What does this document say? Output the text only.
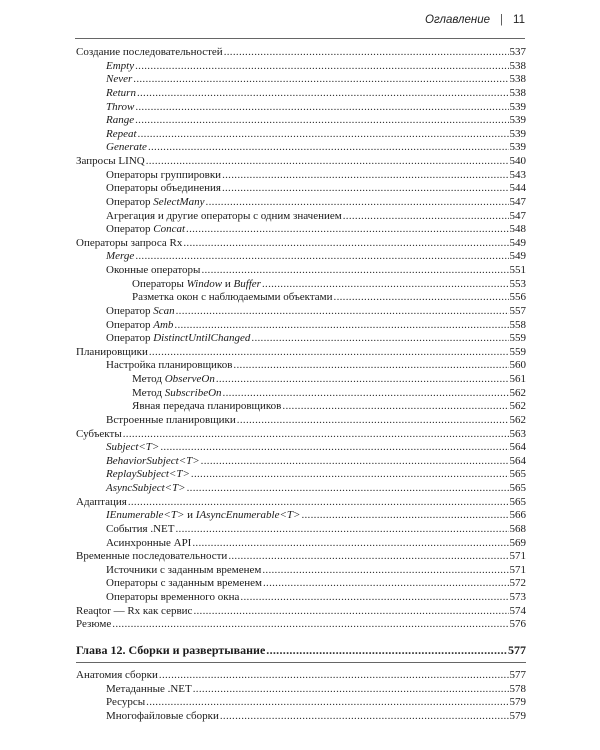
Оглавление | 11
Создание последовательностей .....	537
Empty .....	538
Never .....	538
Return .....	538
Throw .....	539
Range .....	539
Repeat .....	539
Generate .....	539
Запросы LINQ .....	540
Операторы группировки .....	543
Операторы объединения .....	544
Оператор SelectMany .....	547
Агрегация и другие операторы с одним значением .....	547
Оператор Concat .....	548
Операторы запроса Rx .....	549
Merge .....	549
Оконные операторы .....	551
Операторы Window и Buffer .....	553
Разметка окон с наблюдаемыми объектами .....	556
Оператор Scan .....	557
Оператор Amb .....	558
Оператор DistinctUntilChanged .....	559
Планировщики .....	559
Настройка планировщиков .....	560
Метод ObserveOn .....	561
Метод SubscribeOn .....	562
Явная передача планировщиков .....	562
Встроенные планировщики .....	562
Субъекты .....	563
Subject<T> .....	564
BehaviorSubject<T> .....	564
ReplaySubject<T> .....	565
AsyncSubject<T> .....	565
Адаптация .....	565
IEnumerable<T> и IAsyncEnumerable<T> .....	566
События .NET .....	568
Асинхронные API .....	569
Временные последовательности .....	571
Источники с заданным временем .....	571
Операторы с заданным временем .....	572
Операторы временного окна .....	573
Reaqtor — Rx как сервис .....	574
Резюме .....	576
Глава 12. Сборки и развертывание .....	577
Анатомия сборки .....	577
Метаданные .NET .....	578
Ресурсы .....	579
Многофайловые сборки .....	579
